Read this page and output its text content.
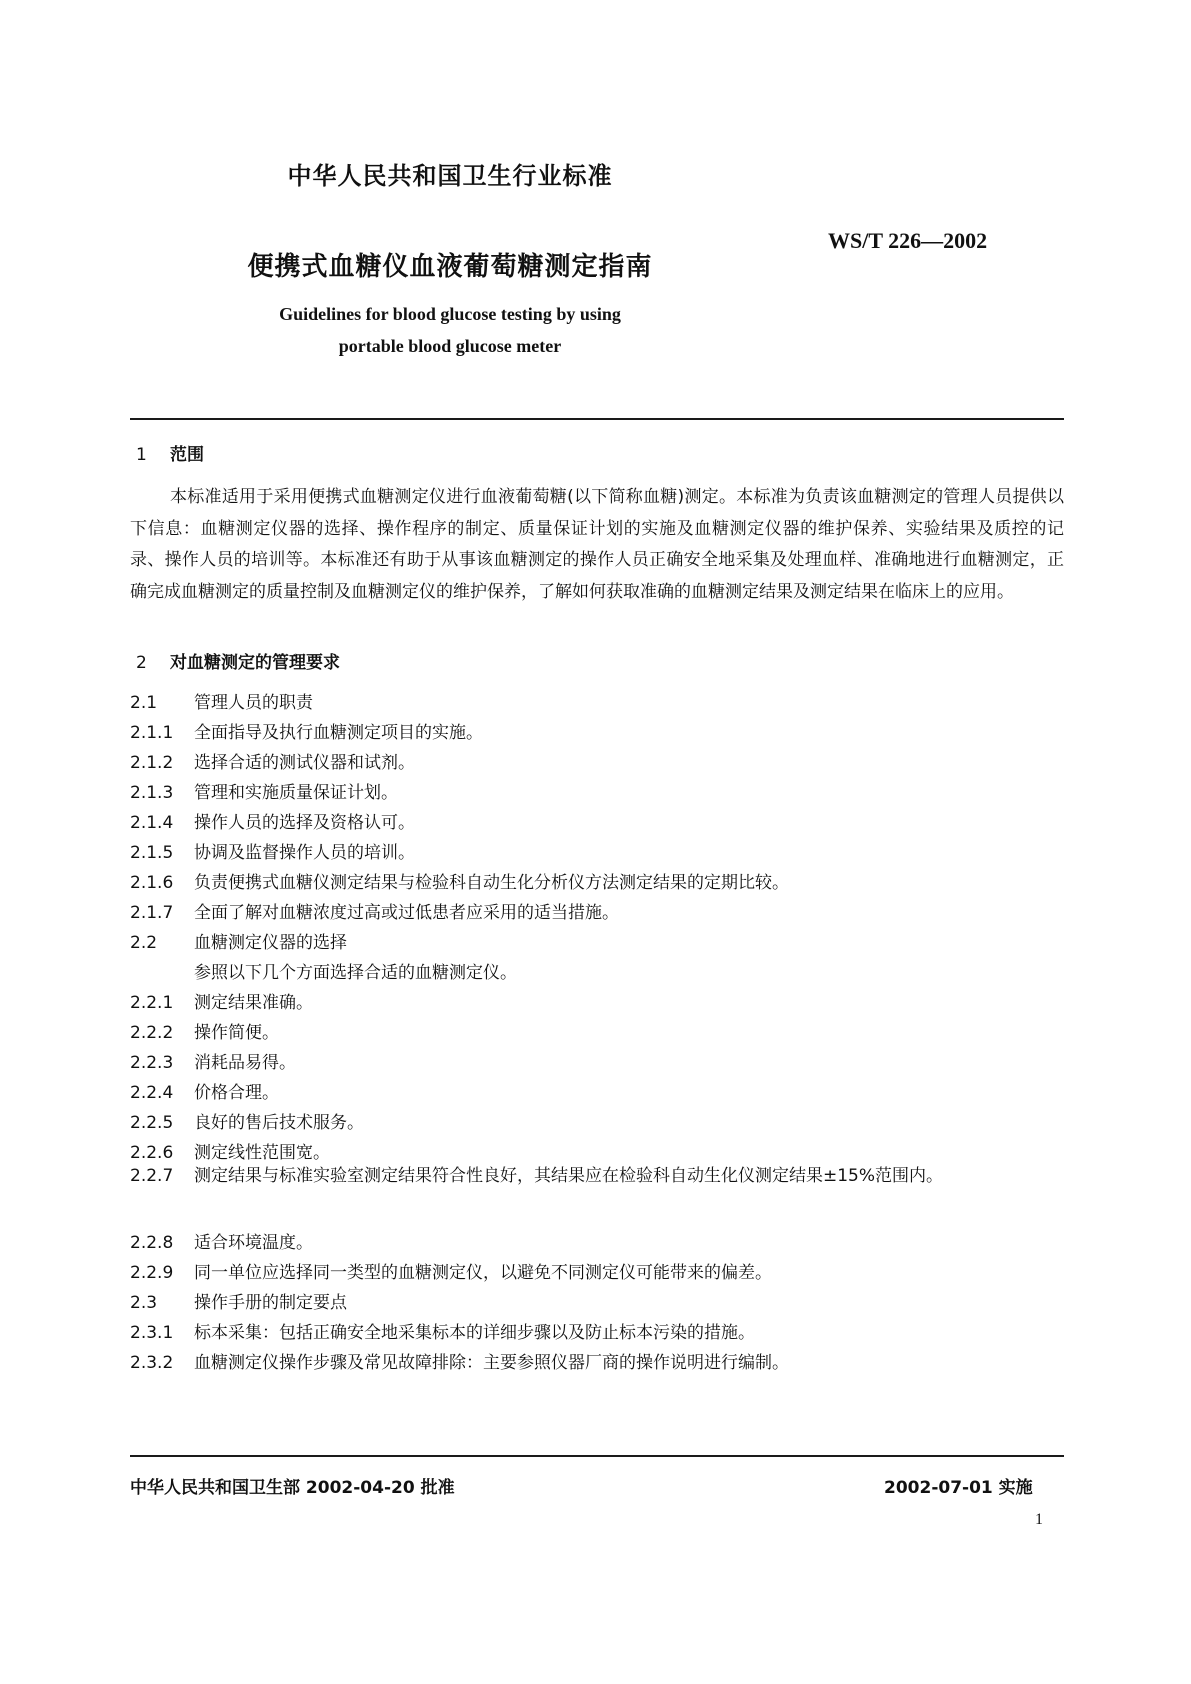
中华人民共和国卫生行业标准
WS/T 226—2002
便携式血糖仪血液葡萄糖测定指南
Guidelines for blood glucose testing by using
portable blood glucose meter
1 范围
本标准适用于采用便携式血糖测定仪进行血液葡萄糖(以下简称血糖)测定。本标准为负责该血糖测定的管理人员提供以下信息：血糖测定仪器的选择、操作程序的制定、质量保证计划的实施及血糖测定仪器的维护保养、实验结果及质控的记录、操作人员的培训等。本标准还有助于从事该血糖测定的操作人员正确安全地采集及处理血样、准确地进行血糖测定，正确完成血糖测定的质量控制及血糖测定仪的维护保养，了解如何获取准确的血糖测定结果及测定结果在临床上的应用。
2 对血糖测定的管理要求
2.1 管理人员的职责
2.1.1 全面指导及执行血糖测定项目的实施。
2.1.2 选择合适的测试仪器和试剂。
2.1.3 管理和实施质量保证计划。
2.1.4 操作人员的选择及资格认可。
2.1.5 协调及监督操作人员的培训。
2.1.6 负责便携式血糖仪测定结果与检验科自动生化分析仪方法测定结果的定期比较。
2.1.7 全面了解对血糖浓度过高或过低患者应采用的适当措施。
2.2 血糖测定仪器的选择
参照以下几个方面选择合适的血糖测定仪。
2.2.1 测定结果准确。
2.2.2 操作简便。
2.2.3 消耗品易得。
2.2.4 价格合理。
2.2.5 良好的售后技术服务。
2.2.6 测定线性范围宽。
2.2.7 测定结果与标准实验室测定结果符合性良好，其结果应在检验科自动生化仪测定结果±15%范围内。
2.2.8 适合环境温度。
2.2.9 同一单位应选择同一类型的血糖测定仪，以避免不同测定仪可能带来的偏差。
2.3 操作手册的制定要点
2.3.1 标本采集：包括正确安全地采集标本的详细步骤以及防止标本污染的措施。
2.3.2 血糖测定仪操作步骤及常见故障排除：主要参照仪器厂商的操作说明进行编制。
中华人民共和国卫生部 2002-04-20 批准	2002-07-01 实施
1
